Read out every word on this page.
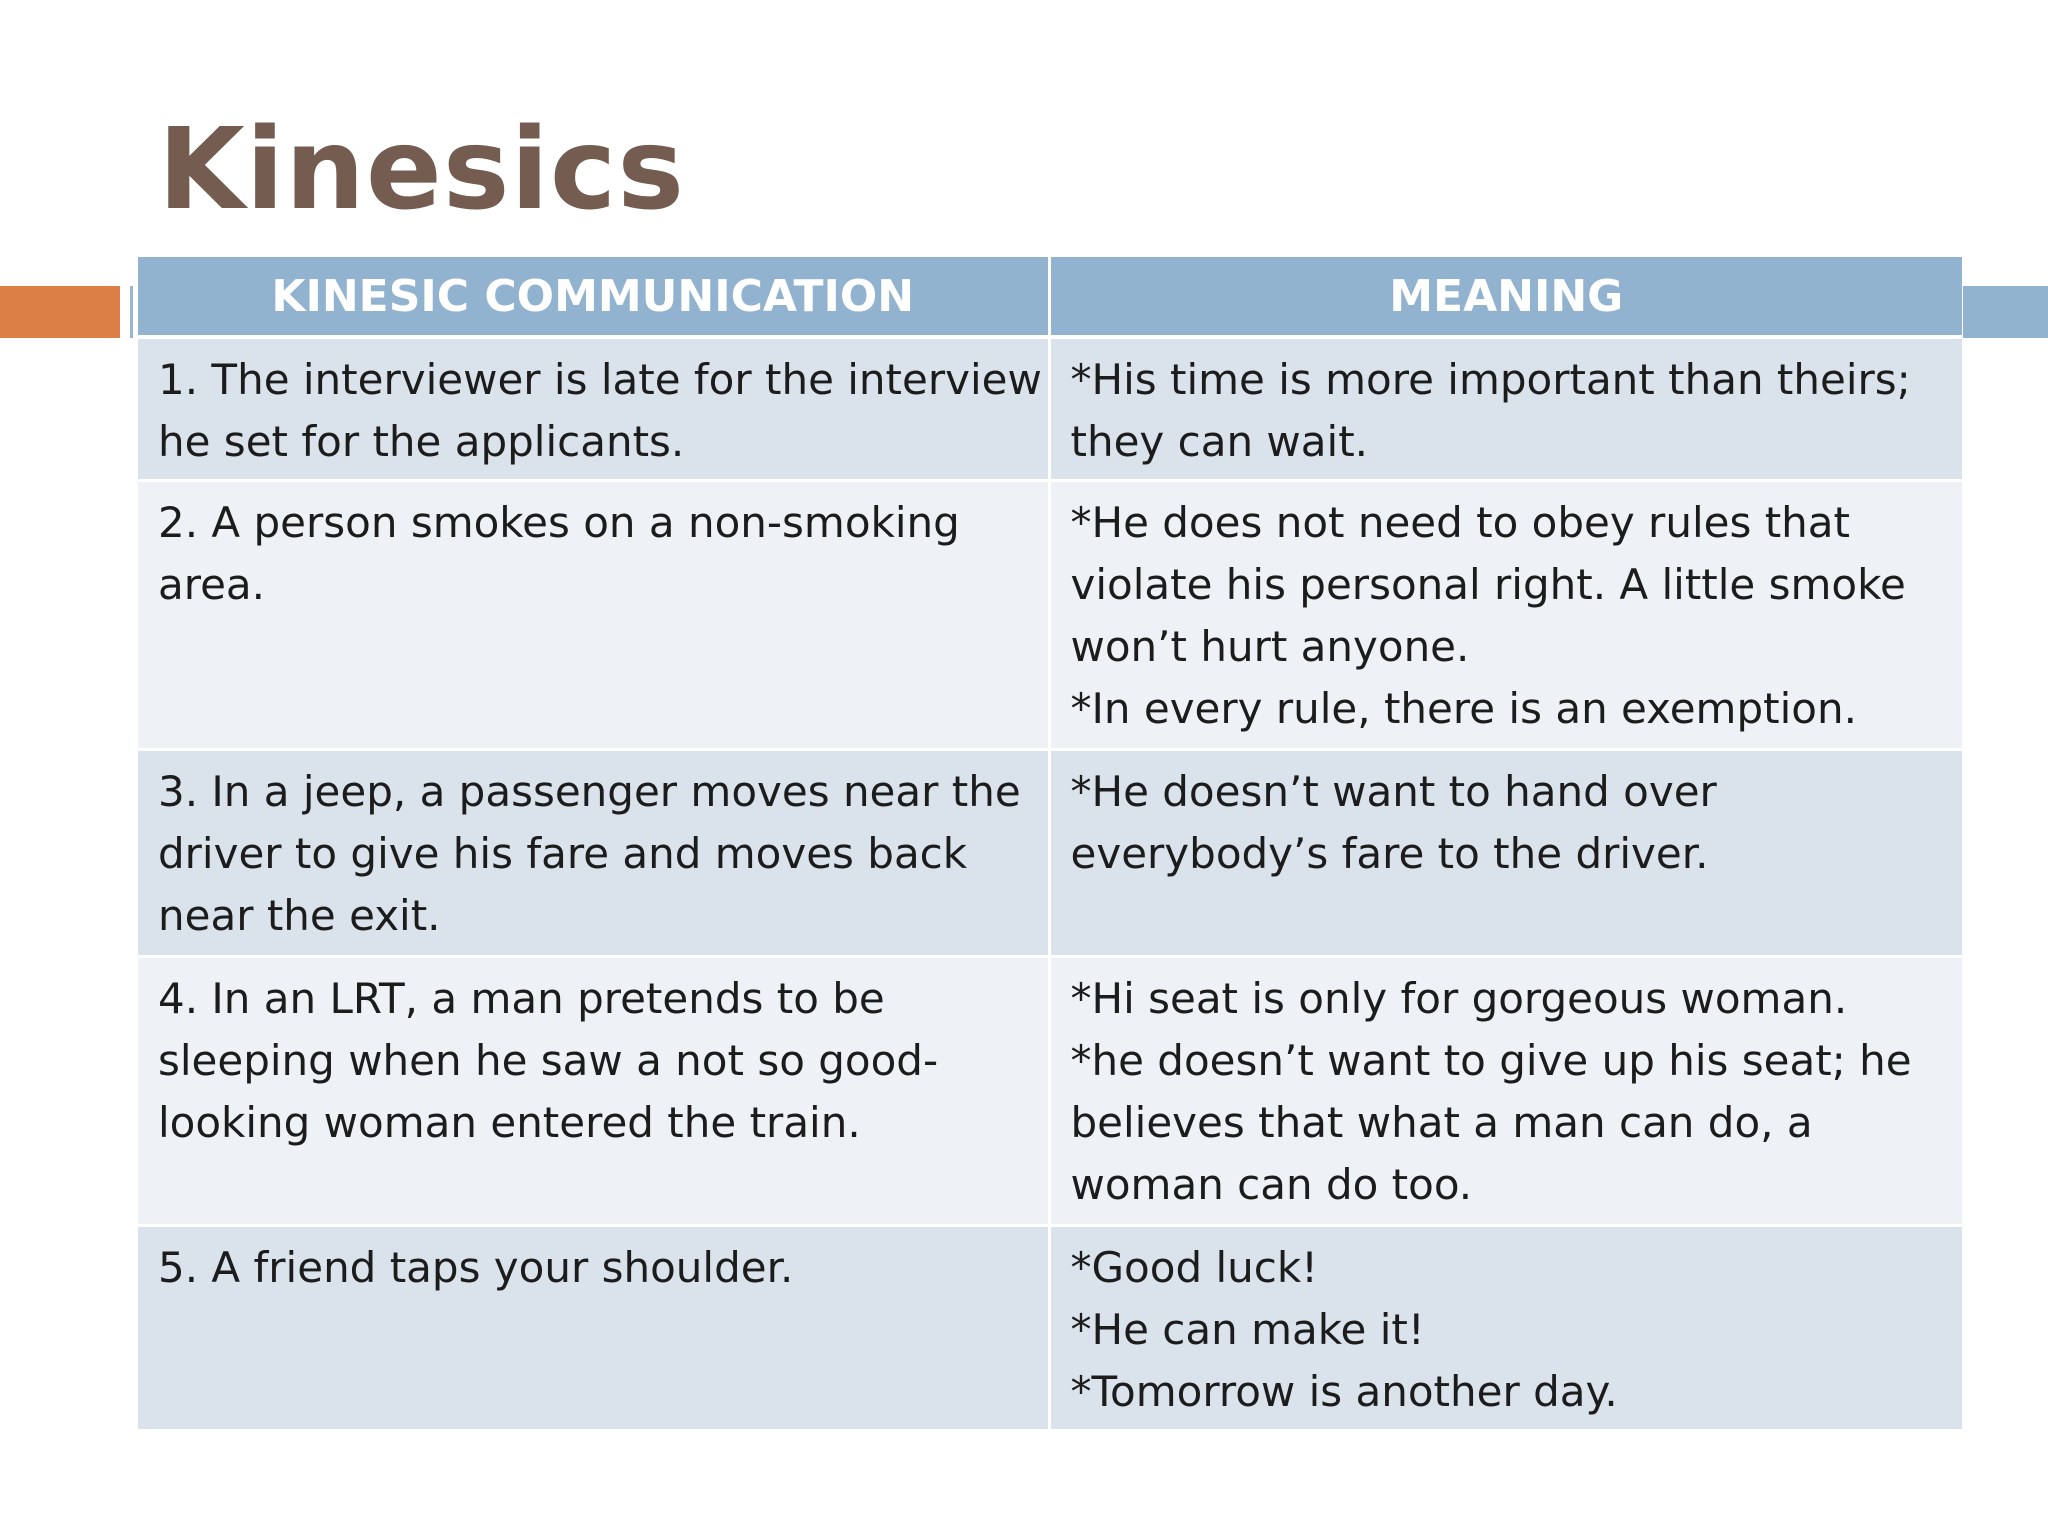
Kinesics
KINESIC COMMUNICATION	MEANING

1. The interviewer is late for the interview
he set for the applicants.	*His time is more important than theirs;
they can wait.

2. A person smokes on a non-smoking
area.	*He does not need to obey rules that
violate his personal right. A little smoke
won’t hurt anyone.
*In every rule, there is an exemption.

3. In a jeep, a passenger moves near the
driver to give his fare and moves back
near the exit.	*He doesn’t want to hand over
everybody’s fare to the driver.

4. In an LRT, a man pretends to be
sleeping when he saw a not so good-
looking woman entered the train.	*Hi seat is only for gorgeous woman.
*he doesn’t want to give up his seat; he
believes that what a man can do, a
woman can do too.

5. A friend taps your shoulder.	*Good luck!
*He can make it!
*Tomorrow is another day.
